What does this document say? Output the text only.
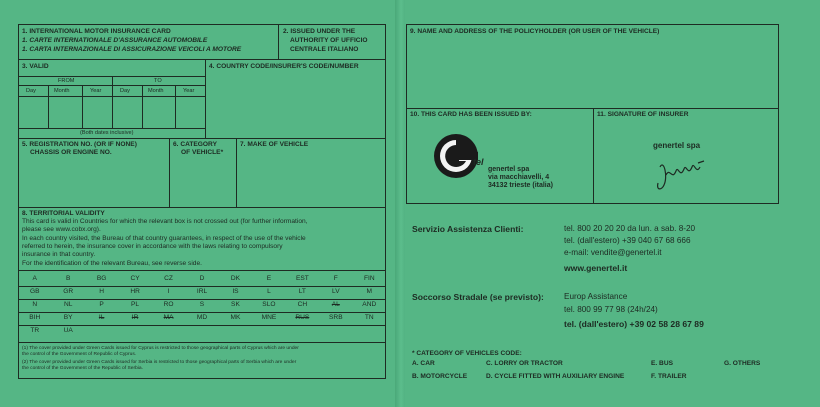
1. INTERNATIONAL MOTOR INSURANCE CARD
1. CARTE INTERNATIONALE D'ASSURANCE AUTOMOBILE
1. CARTA INTERNAZIONALE DI ASSICURAZIONE VEICOLI A MOTORE
2. ISSUED UNDER THE
AUTHORITY OF UFFICIO
CENTRALE ITALIANO
3. VALID
FROM	TO
Day	Month	Year	Day	Month	Year
(Both dates inclusive)
4. COUNTRY CODE/INSURER'S CODE/NUMBER
5. REGISTRATION NO. (OR IF NONE)
CHASSIS OR ENGINE NO.
6. CATEGORY
OF VEHICLE*
7. MAKE OF VEHICLE
8. TERRITORIAL VALIDITY
This card is valid in Countries for which the relevant box is not crossed out (for further information,
please see www.cobx.org).
In each country visited, the Bureau of that country guarantees, in respect of the use of the vehicle
referred to herein, the insurance cover in accordance with the laws relating to compulsory
insurance in that country.
For the identification of the relevant Bureau, see reverse side.
A	B	BG	CY	CZ	D	DK	E	EST	F	FIN
GB	GR	H	HR	I	IRL	IS	L	LT	LV	M
N	NL	P	PL	RO	S	SK	SLO	CH	AL	AND
BIH	BY	IL	IR	MA	MD	MK	MNE	RUS	SRB	TN
TR	UA
(1) The cover provided under Green Cards issued for Cyprus is restricted to those geographical parts of Cyprus which are under
the control of the Government of Republic of Cyprus.
(2) The cover provided under Green Cards issued for Serbia is restricted to those geographical parts of Serbia which are under
the control of the Government of the Republic of Serbia.
9. NAME AND ADDRESS OF THE POLICYHOLDER (OR USER OF THE VEHICLE)
10. THIS CARD HAS BEEN ISSUED BY:
tel
genertel spa
via macchiavelli, 4
34132 trieste (italia)
11. SIGNATURE OF INSURER
genertel spa
Servizio Assistenza Clienti:	tel. 800 20 20 20 da lun. a sab. 8-20
tel. (dall'estero) +39 040 67 68 666
e-mail: vendite@genertel.it
www.genertel.it
Soccorso Stradale (se previsto): Europ Assistance
tel. 800 99 77 98 (24h/24)
tel. (dall'estero) +39 02 58 28 67 89
* CATEGORY OF VEHICLES CODE:
A. CAR
B. MOTORCYCLE
C. LORRY OR TRACTOR
D. CYCLE FITTED WITH AUXILIARY ENGINE
E. BUS
F. TRAILER
G. OTHERS
